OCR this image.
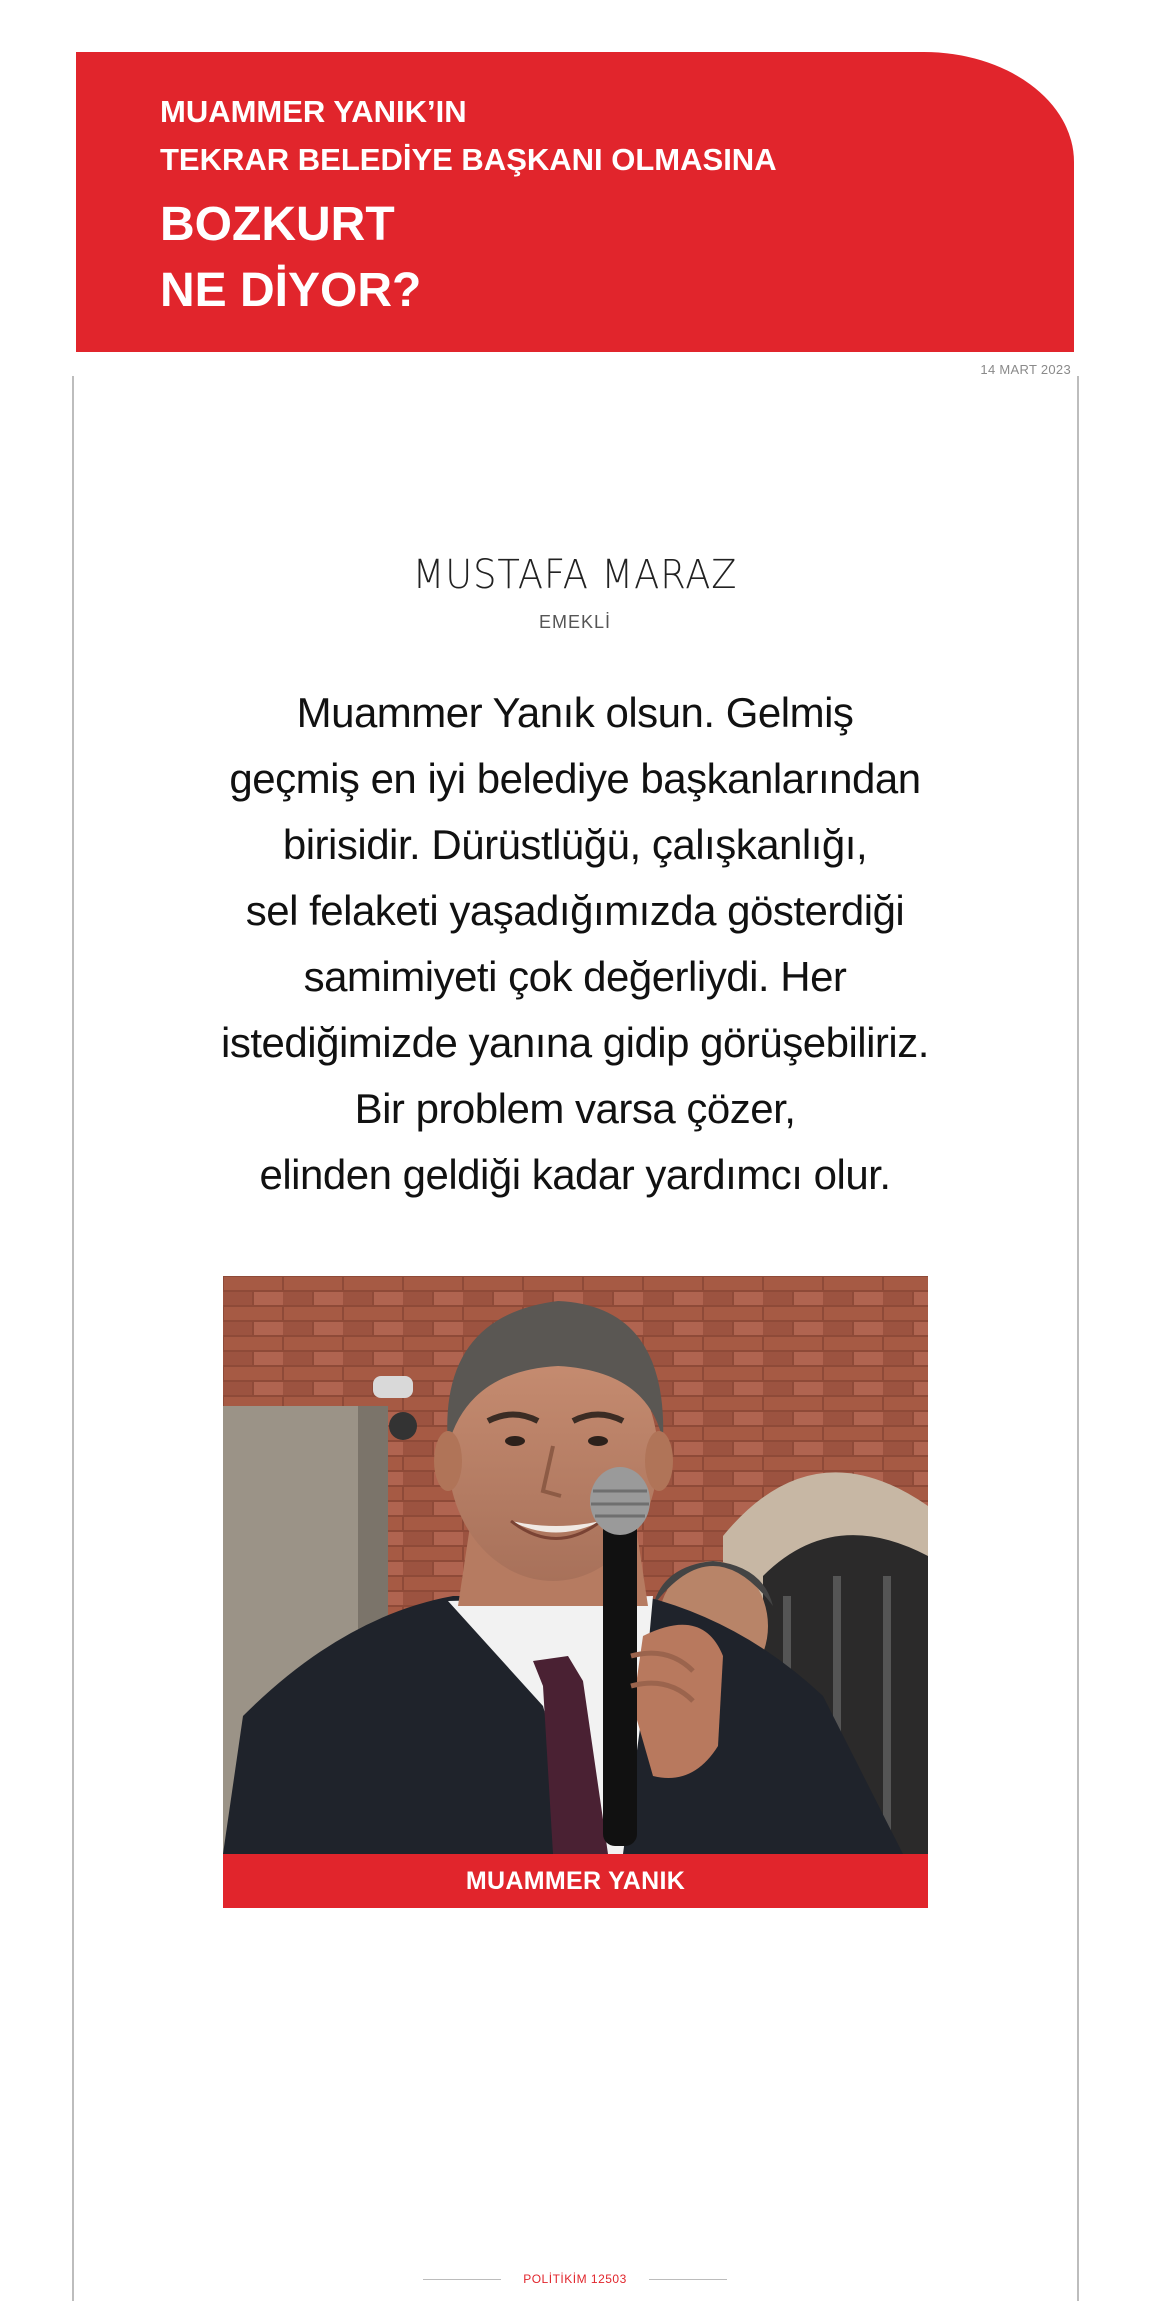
MUAMMER YANIK’IN
TEKRAR BELEDİYE BAŞKANI OLMASINA
BOZKURT
NE DİYOR?
14 MART 2023
MUSTAFA MARAZ
EMEKLİ

Muammer Yanık olsun. Gelmiş
geçmiş en iyi belediye başkanlarından
birisidir. Dürüstlüğü, çalışkanlığı,
sel felaketi yaşadığımızda gösterdiği
samimiyeti çok değerliydi. Her
istediğimizde yanına gidip görüşebiliriz.
Bir problem varsa çözer,
elinden geldiği kadar yardımcı olur.

MUAMMER YANIK
POLİTİKİM 12503
